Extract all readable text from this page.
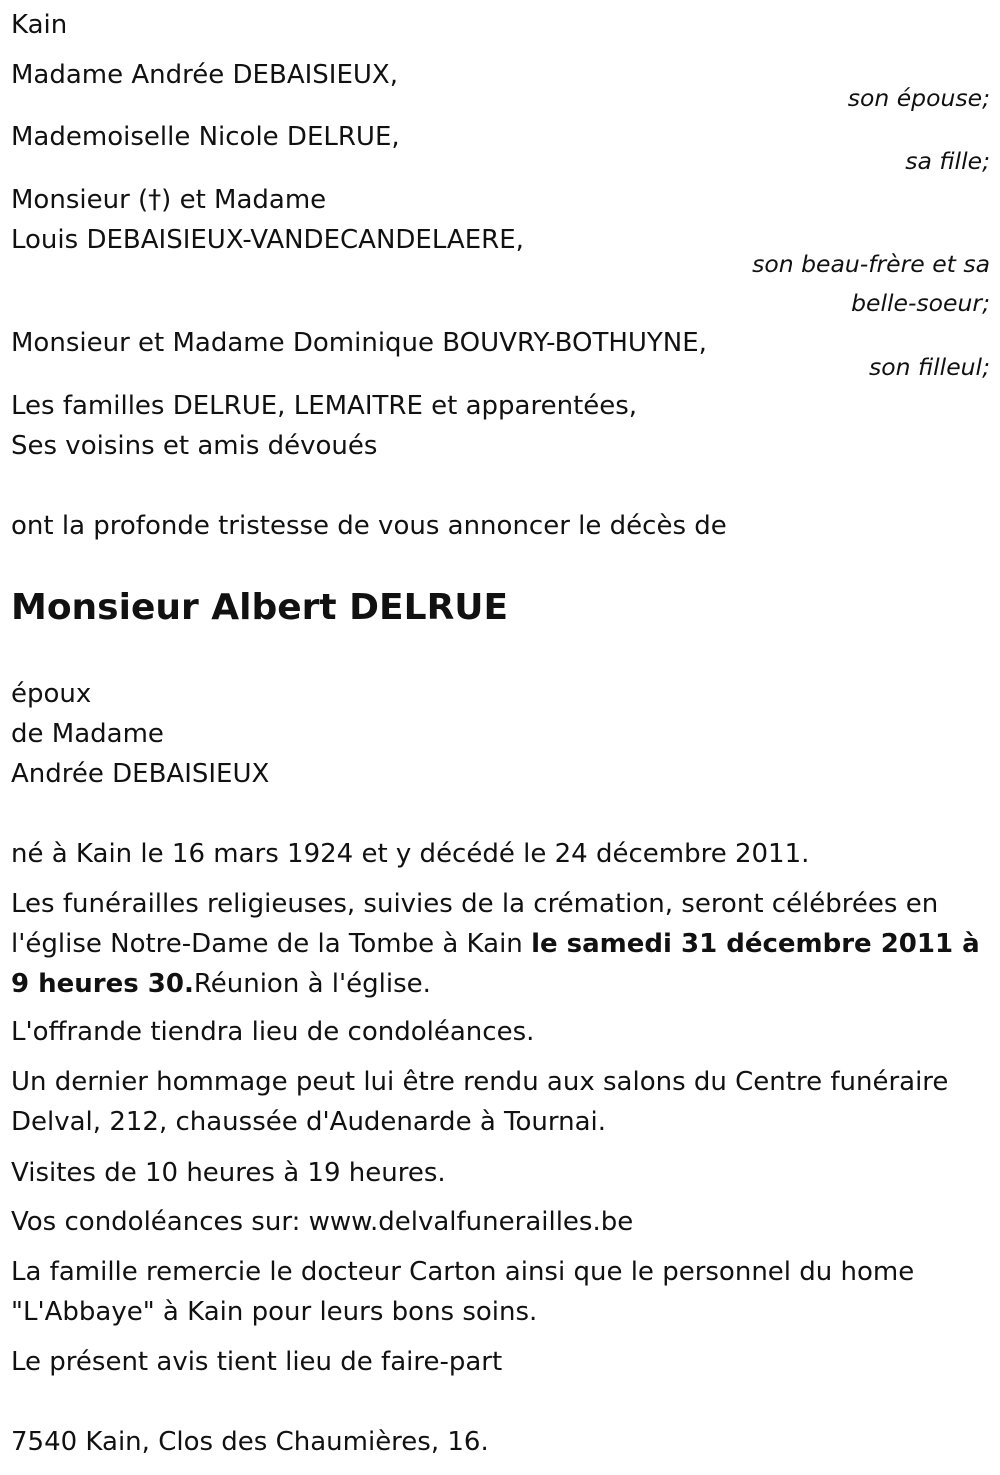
Kain
Madame Andrée DEBAISIEUX,
son épouse;
Mademoiselle Nicole DELRUE,
sa fille;
Monsieur (†) et Madame
Louis DEBAISIEUX-VANDECANDELAERE,
son beau-frère et sa
belle-soeur;
Monsieur et Madame Dominique BOUVRY-BOTHUYNE,
son filleul;
Les familles DELRUE, LEMAITRE et apparentées,
Ses voisins et amis dévoués
ont la profonde tristesse de vous annoncer le décès de
Monsieur Albert DELRUE
époux
de Madame
Andrée DEBAISIEUX
né à Kain le 16 mars 1924 et y décédé le 24 décembre 2011.
Les funérailles religieuses, suivies de la crémation, seront célébrées en l'église Notre-Dame de la Tombe à Kain le samedi 31 décembre 2011 à 9 heures 30.Réunion à l'église.
L'offrande tiendra lieu de condoléances.
Un dernier hommage peut lui être rendu aux salons du Centre funéraire Delval, 212, chaussée d'Audenarde à Tournai.
Visites de 10 heures à 19 heures.
Vos condoléances sur: www.delvalfunerailles.be
La famille remercie le docteur Carton ainsi que le personnel du home "L'Abbaye" à Kain pour leurs bons soins.
Le présent avis tient lieu de faire-part
7540 Kain, Clos des Chaumières, 16.
